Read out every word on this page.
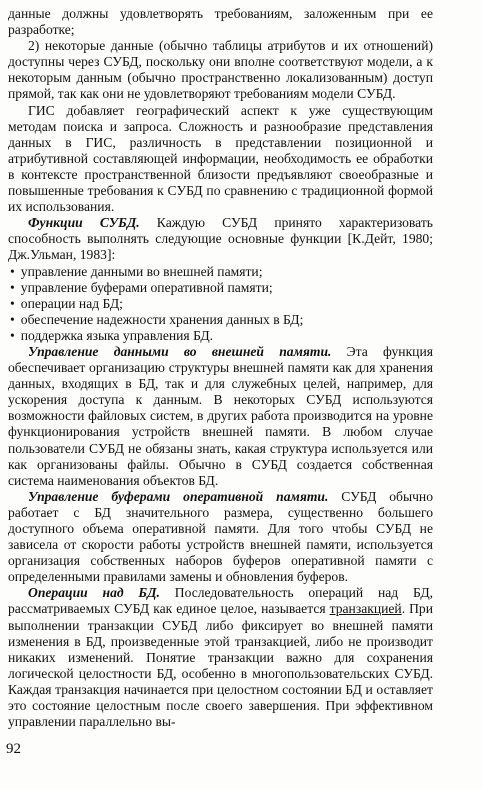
данные должны удовлетворять требованиям, заложенным при ее разработке;

2) некоторые данные (обычно таблицы атрибутов и их отношений) доступны через СУБД, поскольку они вполне соответствуют модели, а к некоторым данным (обычно пространственно локализованным) доступ прямой, так как они не удовлетворяют требованиям модели СУБД.

ГИС добавляет географический аспект к уже существующим методам поиска и запроса. Сложность и разнообразие представления данных в ГИС, различность в представлении позиционной и атрибутивной составляющей информации, необходимость ее обработки в контексте пространственной близости предъявляют своеобразные и повышенные требования к СУБД по сравнению с традиционной формой их использования.

Функции СУБД. Каждую СУБД принято характеризовать способность выполнять следующие основные функции [К.Дейт, 1980; Дж.Ульман, 1983]:

• управление данными во внешней памяти;
• управление буферами оперативной памяти;
• операции над БД;
• обеспечение надежности хранения данных в БД;
• поддержка языка управления БД.

Управление данными во внешней памяти. Эта функция обеспечивает организацию структуры внешней памяти как для хранения данных, входящих в БД, так и для служебных целей, например, для ускорения доступа к данным. В некоторых СУБД используются возможности файловых систем, в других работа производится на уровне функционирования устройств внешней памяти. В любом случае пользователи СУБД не обязаны знать, какая структура используется или как организованы файлы. Обычно в СУБД создается собственная система наименования объектов БД.

Управление буферами оперативной памяти. СУБД обычно работает с БД значительного размера, существенно большего доступного объема оперативной памяти. Для того чтобы СУБД не зависела от скорости работы устройств внешней памяти, используется организация собственных наборов буферов оперативной памяти с определенными правилами замены и обновления буферов.

Операции над БД. Последовательность операций над БД, рассматриваемых СУБД как единое целое, называется транзакцией. При выполнении транзакции СУБД либо фиксирует во внешней памяти изменения в БД, произведенные этой транзакцией, либо не производит никаких изменений. Понятие транзакции важно для сохранения логической целостности БД, особенно в многопользовательских СУБД. Каждая транзакция начинается при целостном состоянии БД и оставляет это состояние целостным после своего завершения. При эффективном управлении параллельно вы-

92
